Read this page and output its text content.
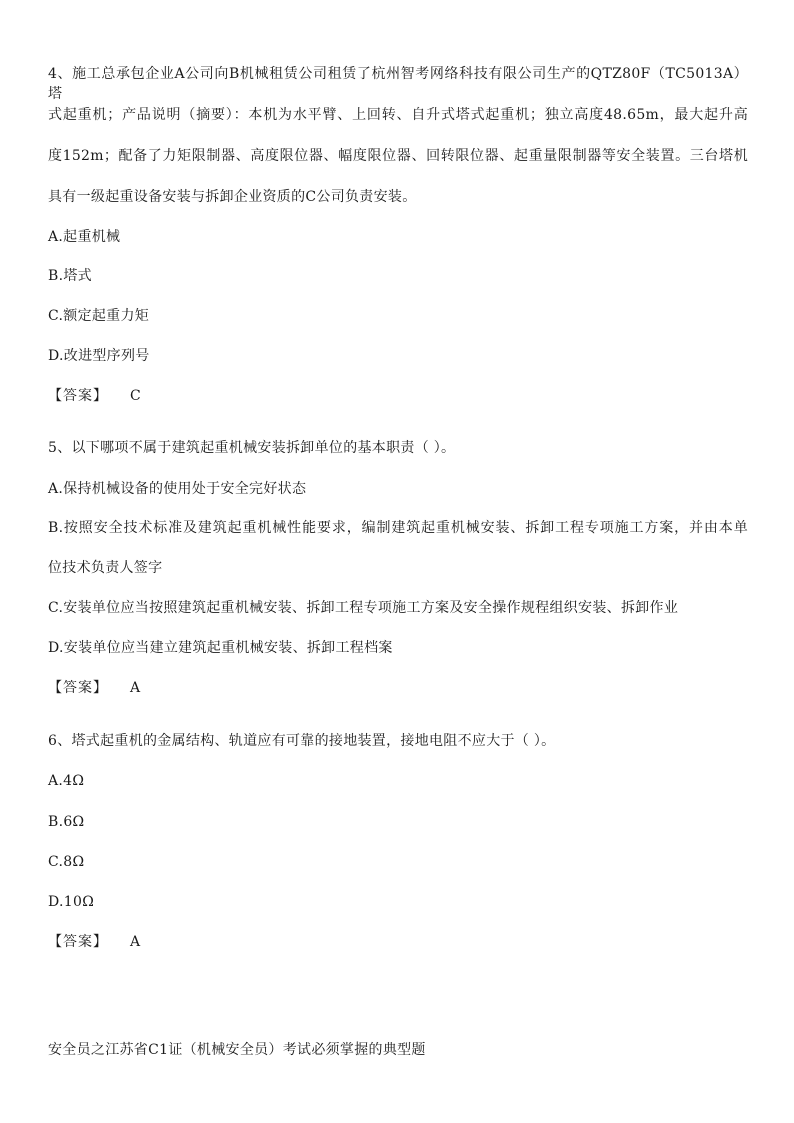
4、施工总承包企业A公司向B机械租赁公司租赁了杭州智考网络科技有限公司生产的QTZ80F（TC5013A）塔
式起重机；产品说明（摘要）：本机为水平臂、上回转、自升式塔式起重机；独立高度48.65m，最大起升高
度152m；配备了力矩限制器、高度限位器、幅度限位器、回转限位器、起重量限制器等安全装置。三台塔机
具有一级起重设备安装与拆卸企业资质的C公司负责安装。
A.起重机械
B.塔式
C.额定起重力矩
D.改进型序列号
【答案】 C
5、以下哪项不属于建筑起重机械安装拆卸单位的基本职责（ ）。
A.保持机械设备的使用处于安全完好状态
B.按照安全技术标准及建筑起重机械性能要求，编制建筑起重机械安装、拆卸工程专项施工方案，并由本单
位技术负责人签字
C.安装单位应当按照建筑起重机械安装、拆卸工程专项施工方案及安全操作规程组织安装、拆卸作业
D.安装单位应当建立建筑起重机械安装、拆卸工程档案
【答案】 A
6、塔式起重机的金属结构、轨道应有可靠的接地装置，接地电阻不应大于（ ）。
A.4Ω
B.6Ω
C.8Ω
D.10Ω
【答案】 A
安全员之江苏省C1证（机械安全员）考试必须掌握的典型题
